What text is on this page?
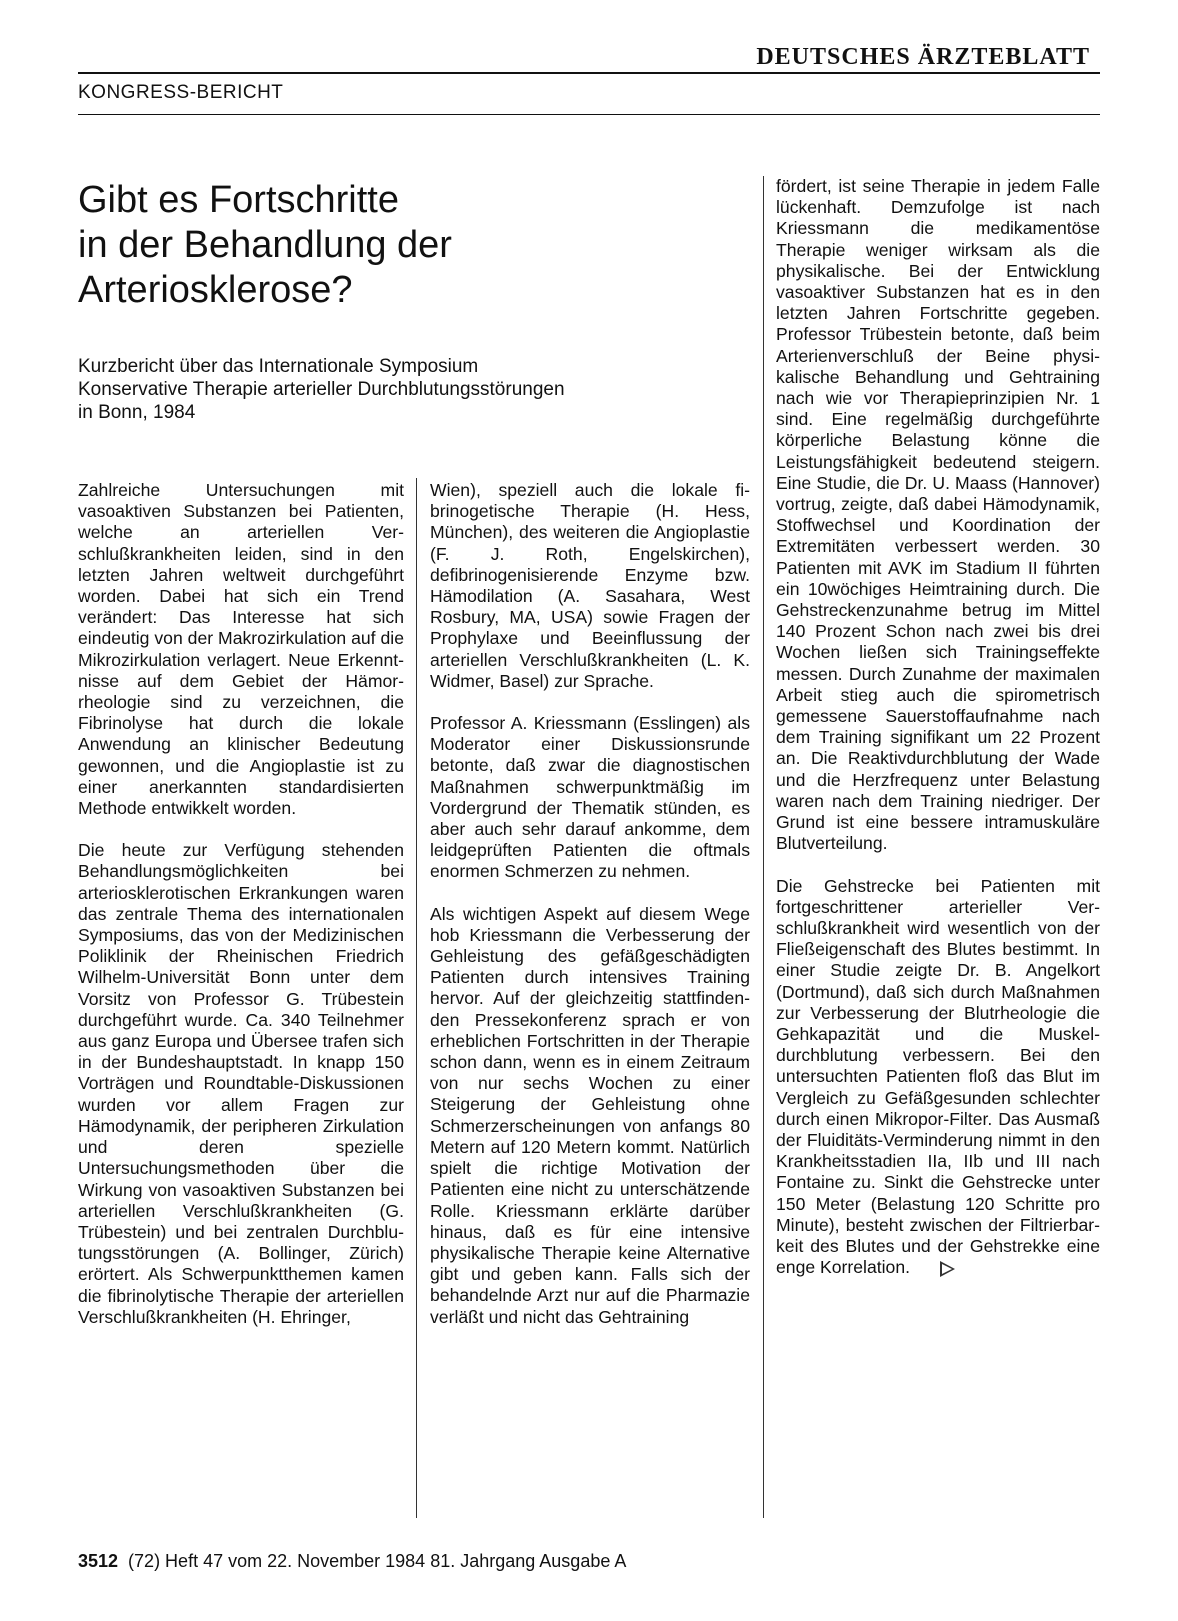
DEUTSCHES ÄRZTEBLATT
KONGRESS-BERICHT
Gibt es Fortschritte
in der Behandlung der
Arteriosklerose?
Kurzbericht über das Internationale Symposium
Konservative Therapie arterieller Durchblutungsstörungen
in Bonn, 1984

Zahlreiche Untersuchungen mit vasoaktiven Substanzen bei Patienten, welche an arteriellen Verschlußkrankheiten leiden, sind in den letzten Jahren weltweit durchgeführt worden. Dabei hat sich ein Trend verändert: Das Interesse hat sich eindeutig von der Makrozirkulation auf die Mikrozirkulation verlagert. Neue Erkenntnisse auf dem Gebiet der Hämorrheologie sind zu verzeichnen, die Fibrinolyse hat durch die lokale Anwendung an klinischer Bedeutung gewonnen, und die Angioplastie ist zu einer anerkannten standardisierten Methode entwikkelt worden.

Die heute zur Verfügung stehenden Behandlungsmöglichkeiten bei arteriosklerotischen Erkrankungen waren das zentrale Thema des internationalen Symposiums, das von der Medizinischen Poliklinik der Rheinischen Friedrich Wilhelm-Universität Bonn unter dem Vorsitz von Professor G. Trübestein durchgeführt wurde. Ca. 340 Teilnehmer aus ganz Europa und Übersee trafen sich in der Bundeshauptstadt. In knapp 150 Vorträgen und Roundtable-Diskussionen wurden vor allem Fragen zur Hämodynamik, der peripheren Zirkulation und deren spezielle Untersuchungsmethoden über die Wirkung von vasoaktiven Substanzen bei arteriellen Verschlußkrankheiten (G. Trübestein) und bei zentralen Durchblutungsstörungen (A. Bollinger, Zürich) erörtert. Als Schwerpunktthemen kamen die fibrinolytische Therapie der arteriellen Verschlußkrankheiten (H. Ehringer,

Wien), speziell auch die lokale fibrinogetische Therapie (H. Hess, München), des weiteren die Angioplastie (F. J. Roth, Engelskirchen), defibrinogenisierende Enzyme bzw. Hämodilation (A. Sasahara, West Rosbury, MA, USA) sowie Fragen der Prophylaxe und Beeinflussung der arteriellen Verschlußkrankheiten (L. K. Widmer, Basel) zur Sprache.

Professor A. Kriessmann (Esslingen) als Moderator einer Diskussionsrunde betonte, daß zwar die diagnostischen Maßnahmen schwerpunktmäßig im Vordergrund der Thematik stünden, es aber auch sehr darauf ankomme, dem leidgeprüften Patienten die oftmals enormen Schmerzen zu nehmen.

Als wichtigen Aspekt auf diesem Wege hob Kriessmann die Verbesserung der Gehleistung des gefäßgeschädigten Patienten durch intensives Training hervor. Auf der gleichzeitig stattfindenden Pressekonferenz sprach er von erheblichen Fortschritten in der Therapie schon dann, wenn es in einem Zeitraum von nur sechs Wochen zu einer Steigerung der Gehleistung ohne Schmerzerscheinungen von anfangs 80 Metern auf 120 Metern kommt. Natürlich spielt die richtige Motivation der Patienten eine nicht zu unterschätzende Rolle. Kriessmann erklärte darüber hinaus, daß es für eine intensive physikalische Therapie keine Alternative gibt und geben kann. Falls sich der behandelnde Arzt nur auf die Pharmazie verläßt und nicht das Gehtraining

fördert, ist seine Therapie in jedem Falle lückenhaft. Demzufolge ist nach Kriessmann die medikamentöse Therapie weniger wirksam als die physikalische. Bei der Entwicklung vasoaktiver Substanzen hat es in den letzten Jahren Fortschritte gegeben. Professor Trübestein betonte, daß beim Arterienverschluß der Beine physikalische Behandlung und Gehtraining nach wie vor Therapieprinzipien Nr. 1 sind. Eine regelmäßig durchgeführte körperliche Belastung könne die Leistungsfähigkeit bedeutend steigern. Eine Studie, die Dr. U. Maass (Hannover) vortrug, zeigte, daß dabei Hämodynamik, Stoffwechsel und Koordination der Extremitäten verbessert werden. 30 Patienten mit AVK im Stadium II führten ein 10wöchiges Heimtraining durch. Die Gehstreckenzunahme betrug im Mittel 140 Prozent Schon nach zwei bis drei Wochen ließen sich Trainingseffekte messen. Durch Zunahme der maximalen Arbeit stieg auch die spirometrisch gemessene Sauerstoffaufnahme nach dem Training signifikant um 22 Prozent an. Die Reaktivdurchblutung der Wade und die Herzfrequenz unter Belastung waren nach dem Training niedriger. Der Grund ist eine bessere intramuskuläre Blutverteilung.

Die Gehstrecke bei Patienten mit fortgeschrittener arterieller Verschlußkrankheit wird wesentlich von der Fließeigenschaft des Blutes bestimmt. In einer Studie zeigte Dr. B. Angelkort (Dortmund), daß sich durch Maßnahmen zur Verbesserung der Blutrheologie die Gehkapazität und die Muskeldurchblutung verbessern. Bei den untersuchten Patienten floß das Blut im Vergleich zu Gefäßgesunden schlechter durch einen Mikropor-Filter. Das Ausmaß der Fluiditäts-Verminderung nimmt in den Krankheitsstadien IIa, IIb und III nach Fontaine zu. Sinkt die Gehstrecke unter 150 Meter (Belastung 120 Schritte pro Minute), besteht zwischen der Filtrierbarkeit des Blutes und der Gehstrekke eine enge Korrelation.

3512 (72) Heft 47 vom 22. November 1984 81. Jahrgang Ausgabe A
